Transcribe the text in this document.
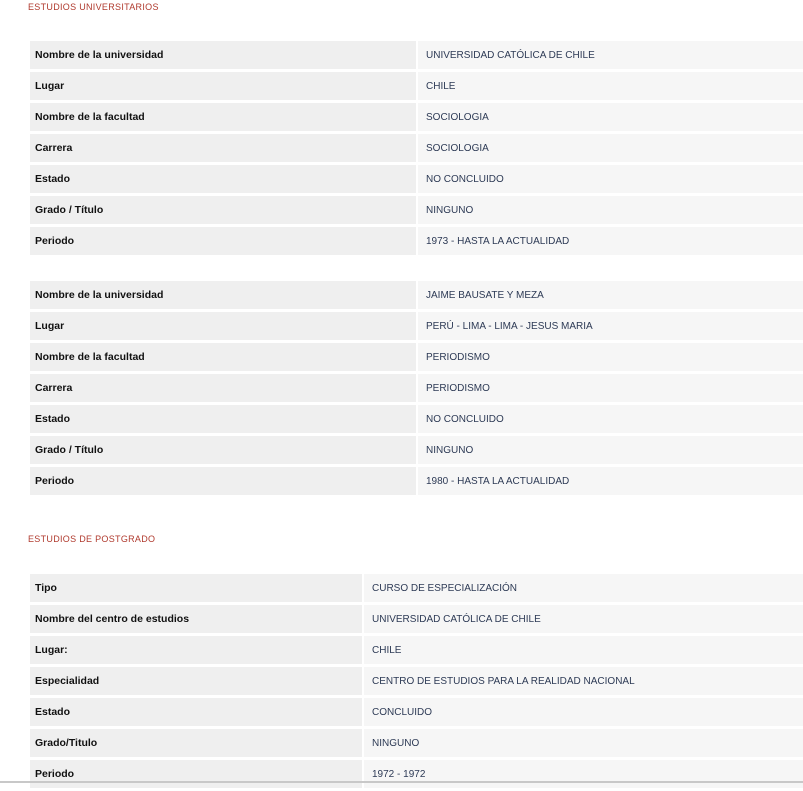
ESTUDIOS UNIVERSITARIOS
Nombre de la universidad		UNIVERSIDAD CATÓLICA DE CHILE
Lugar		CHILE
Nombre de la facultad		SOCIOLOGIA
Carrera		SOCIOLOGIA
Estado		NO CONCLUIDO
Grado / Título		NINGUNO
Periodo		1973 - HASTA LA ACTUALIDAD
Nombre de la universidad		JAIME BAUSATE Y MEZA
Lugar		PERÚ - LIMA - LIMA - JESUS MARIA
Nombre de la facultad		PERIODISMO
Carrera		PERIODISMO
Estado		NO CONCLUIDO
Grado / Título		NINGUNO
Periodo		1980 - HASTA LA ACTUALIDAD
ESTUDIOS DE POSTGRADO
Tipo		CURSO DE ESPECIALIZACIÓN
Nombre del centro de estudios		UNIVERSIDAD CATÓLICA DE CHILE
Lugar:		CHILE
Especialidad		CENTRO DE ESTUDIOS PARA LA REALIDAD NACIONAL
Estado		CONCLUIDO
Grado/Titulo		NINGUNO
Periodo		1972 - 1972
